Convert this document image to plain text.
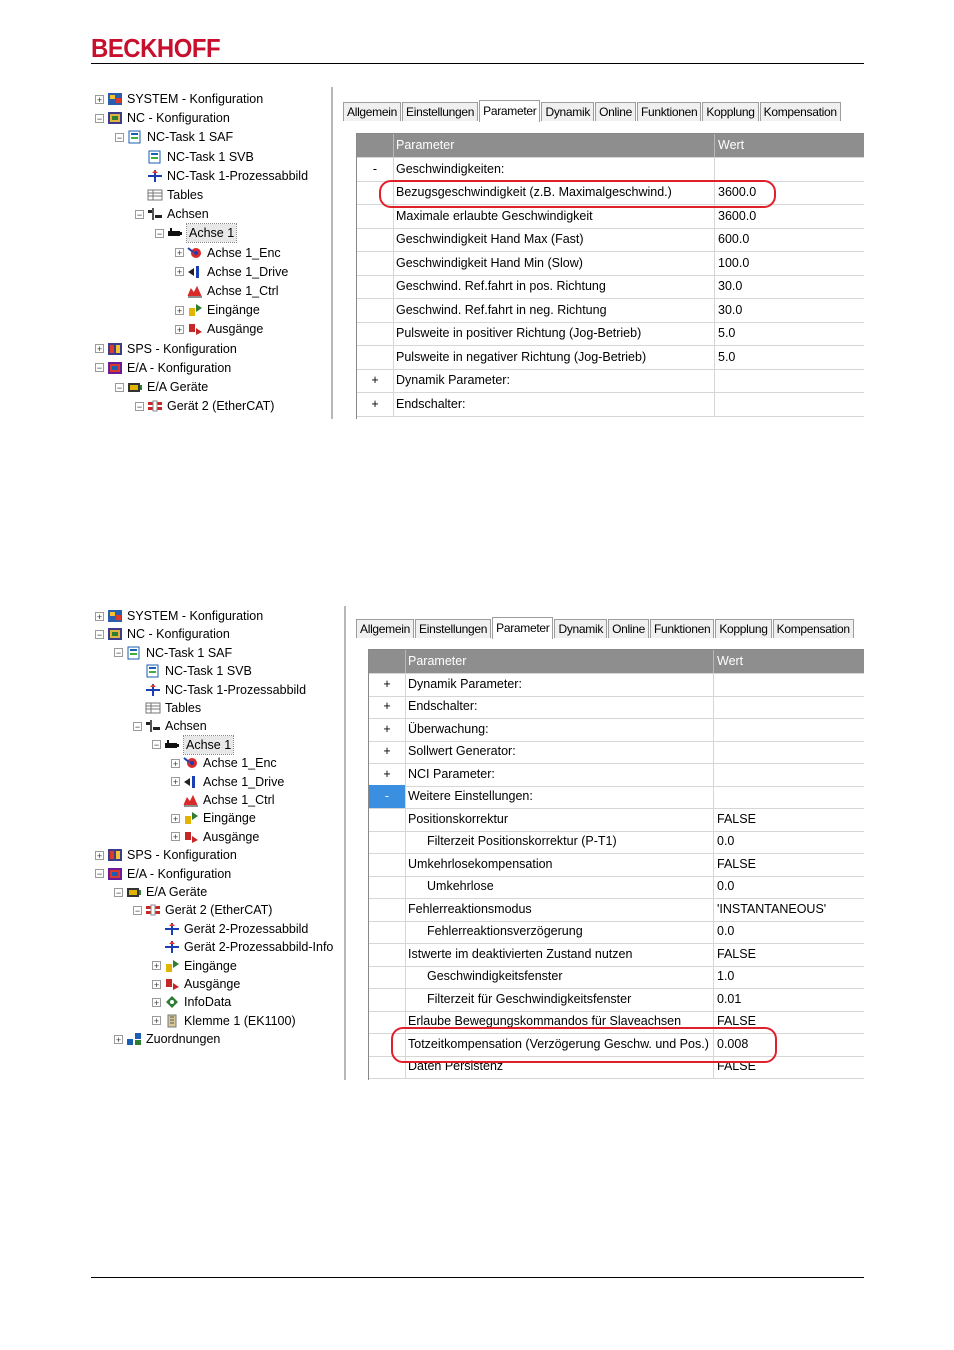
BECKHOFF
+ SYSTEM - Konfiguration
− NC - Konfiguration
− NC-Task 1 SAF
NC-Task 1 SVB
NC-Task 1-Prozessabbild
Tables
− Achsen
− Achse 1
+ Achse 1_Enc
+ Achse 1_Drive
Achse 1_Ctrl
+ Eingänge
+ Ausgänge
+ SPS - Konfiguration
− E/A - Konfiguration
− E/A Geräte
− Gerät 2 (EtherCAT)
Allgemein Einstellungen Parameter Dynamik Online Funktionen Kopplung Kompensation
Parameter	Wert
-	Geschwindigkeiten:
Bezugsgeschwindigkeit (z.B. Maximalgeschwind.)	3600.0
Maximale erlaubte Geschwindigkeit	3600.0
Geschwindigkeit Hand Max (Fast)	600.0
Geschwindigkeit Hand Min (Slow)	100.0
Geschwind. Ref.fahrt in pos. Richtung	30.0
Geschwind. Ref.fahrt in neg. Richtung	30.0
Pulsweite in positiver Richtung (Jog-Betrieb)	5.0
Pulsweite in negativer Richtung (Jog-Betrieb)	5.0
+	Dynamik Parameter:
+	Endschalter:
+ SYSTEM - Konfiguration
− NC - Konfiguration
− NC-Task 1 SAF
NC-Task 1 SVB
NC-Task 1-Prozessabbild
Tables
− Achsen
− Achse 1
+ Achse 1_Enc
+ Achse 1_Drive
Achse 1_Ctrl
+ Eingänge
+ Ausgänge
+ SPS - Konfiguration
− E/A - Konfiguration
− E/A Geräte
− Gerät 2 (EtherCAT)
Gerät 2-Prozessabbild
Gerät 2-Prozessabbild-Info
+ Eingänge
+ Ausgänge
+ InfoData
+ Klemme 1 (EK1100)
+ Zuordnungen
Allgemein Einstellungen Parameter Dynamik Online Funktionen Kopplung Kompensation
Parameter	Wert
+	Dynamik Parameter:
+	Endschalter:
+	Überwachung:
+	Sollwert Generator:
+	NCI Parameter:
-	Weitere Einstellungen:
Positionskorrektur	FALSE
Filterzeit Positionskorrektur (P-T1)	0.0
Umkehrlosekompensation	FALSE
Umkehrlose	0.0
Fehlerreaktionsmodus	'INSTANTANEOUS'
Fehlerreaktionsverzögerung	0.0
Istwerte im deaktivierten Zustand nutzen	FALSE
Geschwindigkeitsfenster	1.0
Filterzeit für Geschwindigkeitsfenster	0.01
Erlaube Bewegungskommandos für Slaveachsen	FALSE
Totzeitkompensation (Verzögerung Geschw. und Pos.) 0.008
Daten Persistenz	FALSE
